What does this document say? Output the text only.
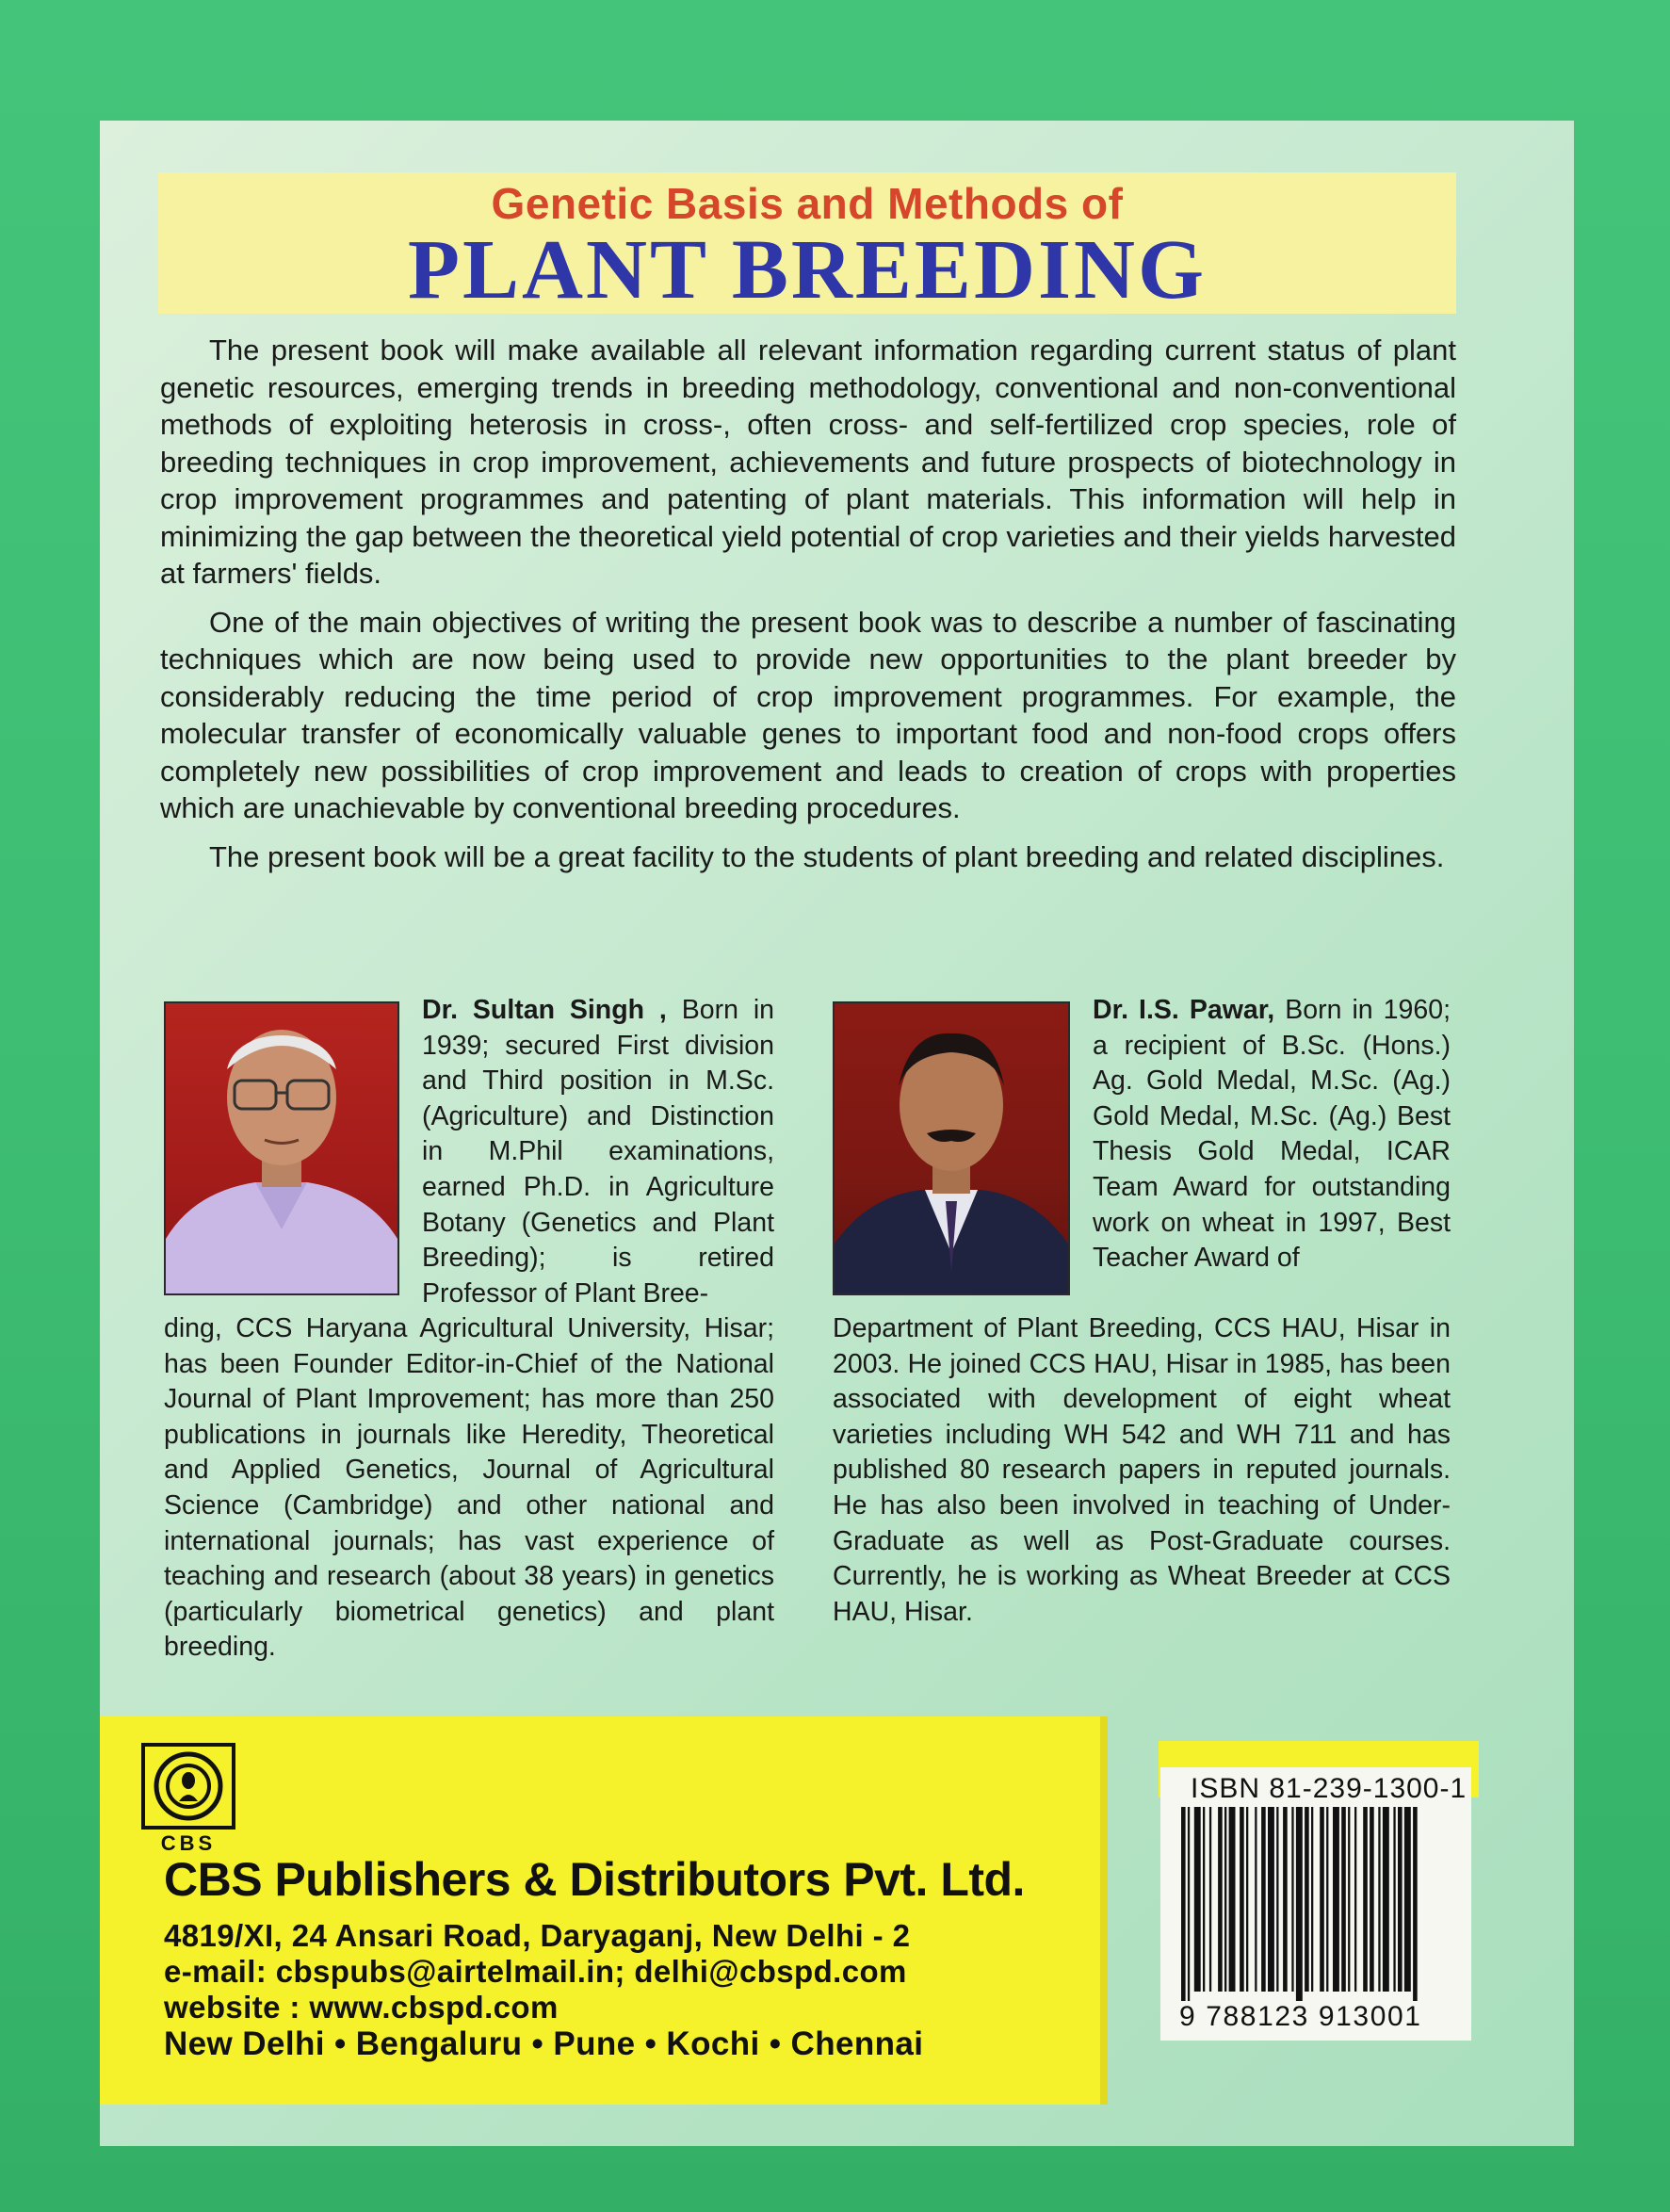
Genetic Basis and Methods of
PLANT BREEDING

The present book will make available all relevant information regarding current status of plant genetic resources, emerging trends in breeding methodology, conventional and non-conventional methods of exploiting heterosis in cross-, often cross- and self-fertilized crop species, role of breeding techniques in crop improvement, achievements and future prospects of biotechnology in crop improvement programmes and patenting of plant materials. This information will help in minimizing the gap between the theoretical yield potential of crop varieties and their yields harvested at farmers' fields.

One of the main objectives of writing the present book was to describe a number of fascinating techniques which are now being used to provide new opportunities to the plant breeder by considerably reducing the time period of crop improvement programmes. For example, the molecular transfer of economically valuable genes to important food and non-food crops offers completely new possibilities of crop improvement and leads to creation of crops with properties which are unachievable by conventional breeding procedures.

The present book will be a great facility to the students of plant breeding and related disciplines.

Dr. Sultan Singh , Born in 1939; secured First division and Third position in M.Sc. (Agriculture) and Distinction in M.Phil examinations, earned Ph.D. in Agriculture Botany (Genetics and Plant Breeding); is retired Professor of Plant Bree-
ding, CCS Haryana Agricultural University, Hisar; has been Founder Editor-in-Chief of the National Journal of Plant Improvement; has more than 250 publications in journals like Heredity, Theoretical and Applied Genetics, Journal of Agricultural Science (Cambridge) and other national and international journals; has vast experience of teaching and research (about 38 years) in genetics (particularly biometrical genetics) and plant breeding.
Dr. I.S. Pawar, Born in 1960; a recipient of B.Sc. (Hons.) Ag. Gold Medal, M.Sc. (Ag.) Gold Medal, M.Sc. (Ag.) Best Thesis Gold Medal, ICAR Team Award for outstanding work on wheat in 1997, Best Teacher Award of
Department of Plant Breeding, CCS HAU, Hisar in 2003. He joined CCS HAU, Hisar in 1985, has been associated with development of eight wheat varieties including WH 542 and WH 711 and has published 80 research papers in reputed journals. He has also been involved in teaching of Under-Graduate as well as Post-Graduate courses. Currently, he is working as Wheat Breeder at CCS HAU, Hisar.
CBS
CBS Publishers & Distributors Pvt. Ltd.
4819/XI, 24 Ansari Road, Daryaganj, New Delhi - 2
e-mail: cbspubs@airtelmail.in; delhi@cbspd.com
website : www.cbspd.com
New Delhi • Bengaluru • Pune • Kochi • Chennai
ISBN 81-239-1300-1
9 788123 913001
